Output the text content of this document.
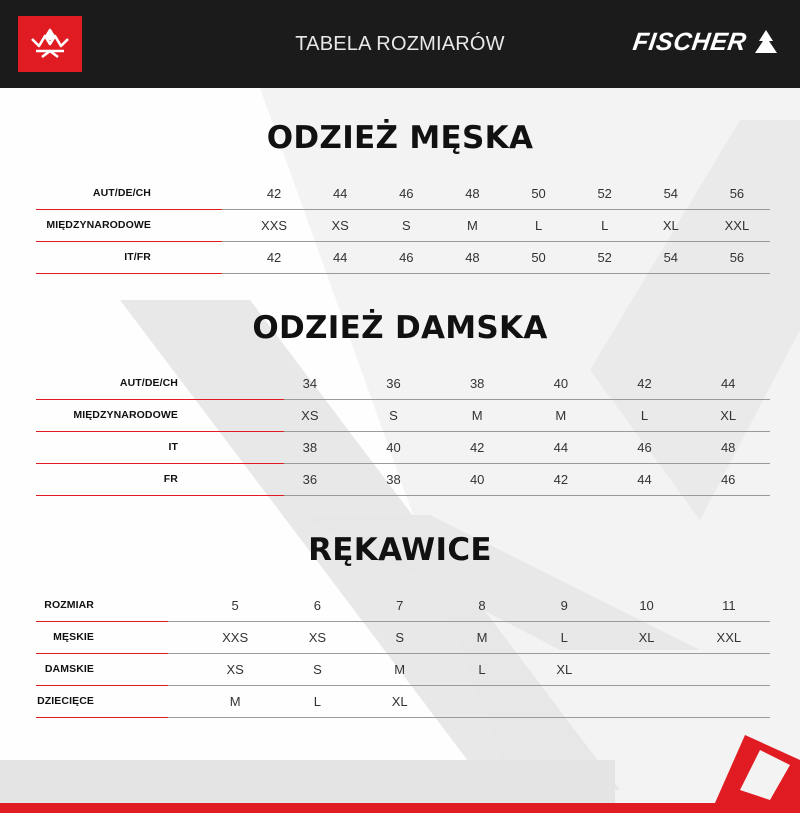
TABELA ROZMIARÓW	FISCHER
ODZIEŻ MĘSKA
AUT/DE/CH	42	44	46	48	50	52	54	56
MIĘDZYNARODOWE	XXS	XS	S	M	L	L	XL	XXL
IT/FR	42	44	46	48	50	52	54	56
ODZIEŻ DAMSKA
AUT/DE/CH	34	36	38	40	42	44
MIĘDZYNARODOWE	XS	S	M	M	L	XL
IT	38	40	42	44	46	48
FR	36	38	40	42	44	46
RĘKAWICE
ROZMIAR	5	6	7	8	9	10	11
MĘSKIE	XXS	XS	S	M	L	XL	XXL
DAMSKIE	XS	S	M	L	XL
DZIECIĘCE	M	L	XL
